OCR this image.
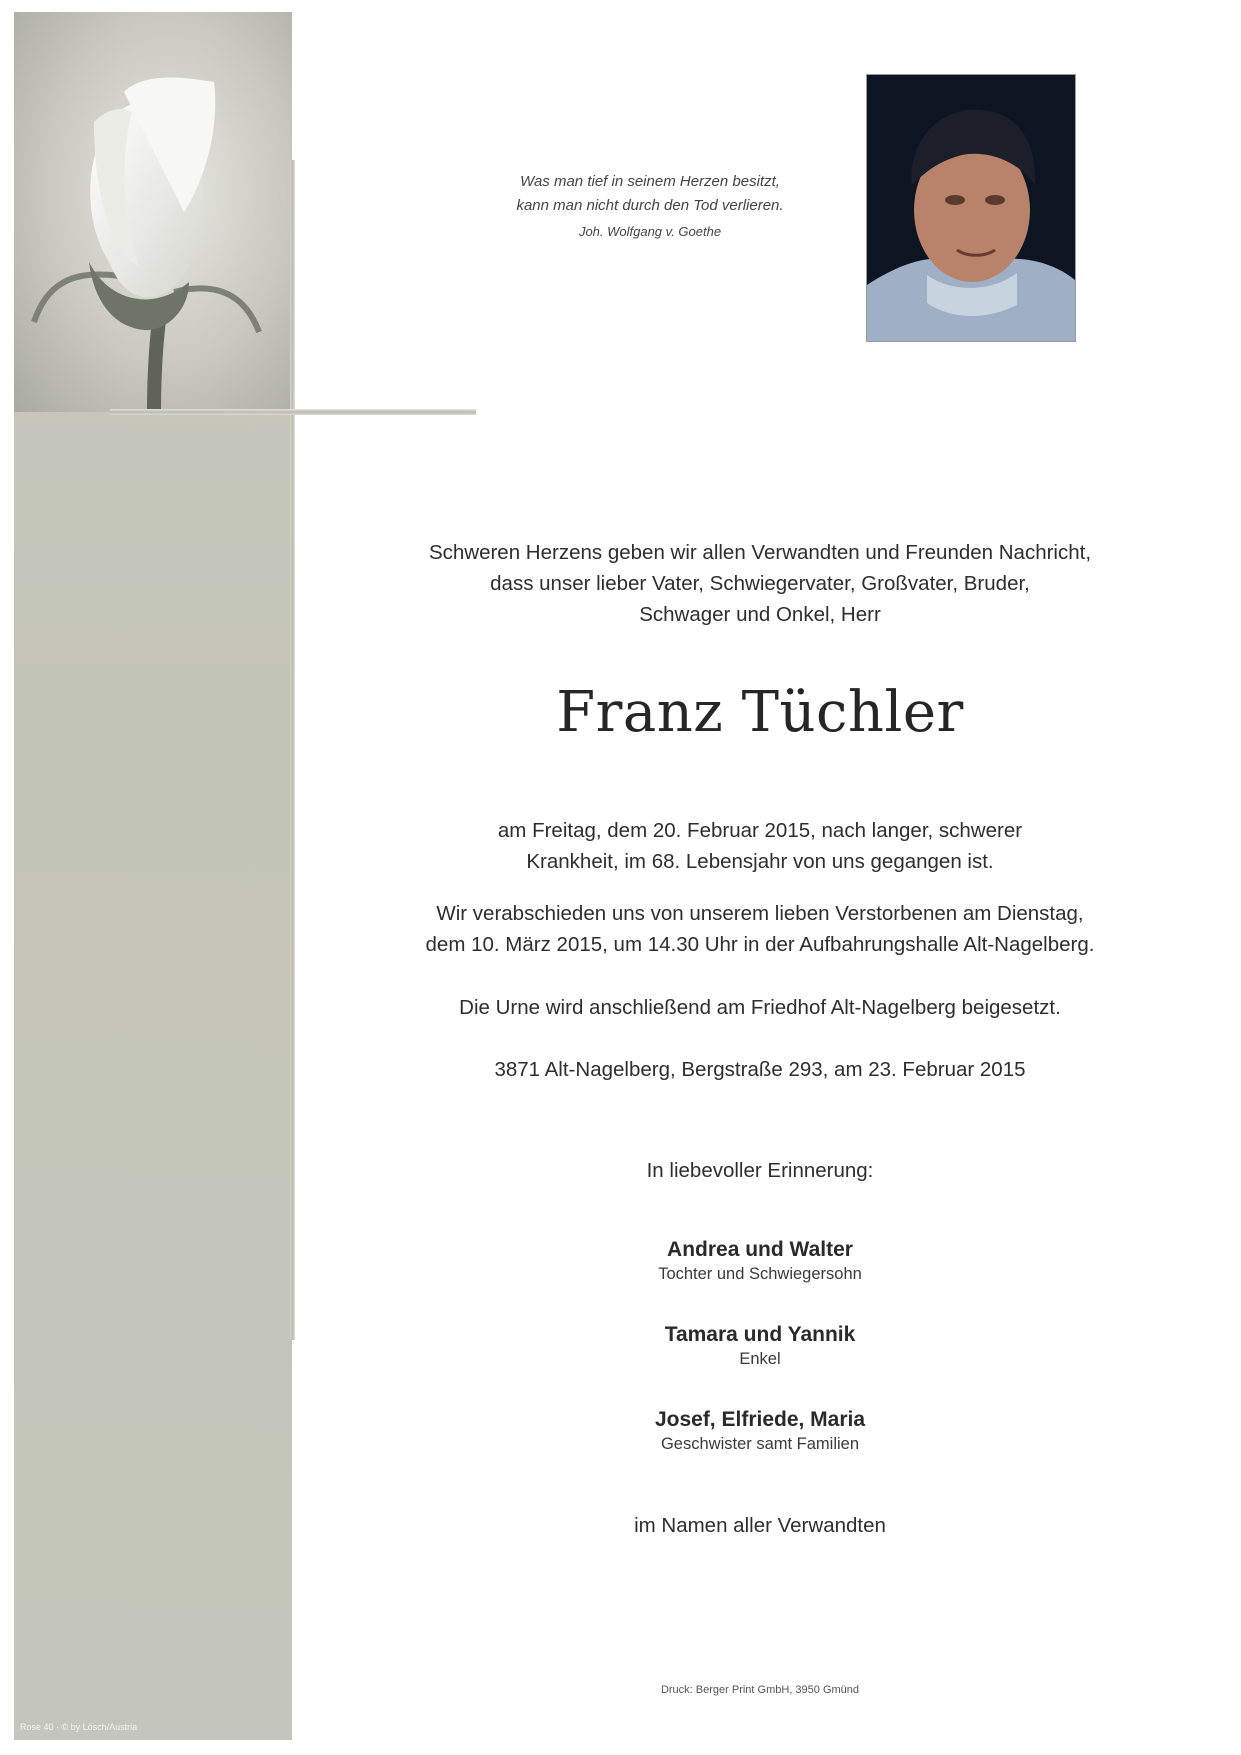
Rose 40 · © by Lösch/Austria
Was man tief in seinem Herzen besitzt,
kann man nicht durch den Tod verlieren.
Joh. Wolfgang v. Goethe
Schweren Herzens geben wir allen Verwandten und Freunden Nachricht,
dass unser lieber Vater, Schwiegervater, Großvater, Bruder,
Schwager und Onkel, Herr
Franz Tüchler
am Freitag, dem 20. Februar 2015, nach langer, schwerer
Krankheit, im 68. Lebensjahr von uns gegangen ist.
Wir verabschieden uns von unserem lieben Verstorbenen am Dienstag,
dem 10. März 2015, um 14.30 Uhr in der Aufbahrungshalle Alt-Nagelberg.
Die Urne wird anschließend am Friedhof Alt-Nagelberg beigesetzt.
3871 Alt-Nagelberg, Bergstraße 293, am 23. Februar 2015
In liebevoller Erinnerung:
Andrea und Walter
Tochter und Schwiegersohn
Tamara und Yannik
Enkel
Josef, Elfriede, Maria
Geschwister samt Familien
im Namen aller Verwandten
Druck: Berger Print GmbH, 3950 Gmünd
